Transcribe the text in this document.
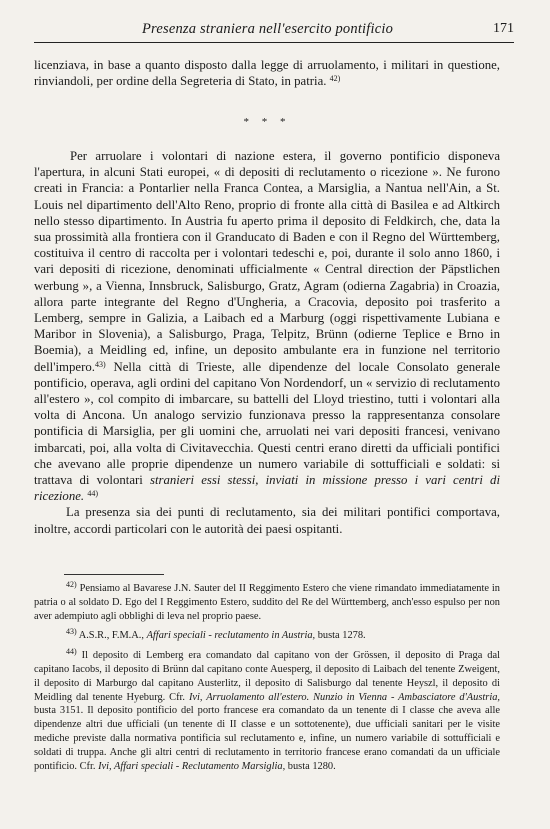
Presenza straniera nell'esercito pontificio	171
licenziava, in base a quanto disposto dalla legge di arruolamento, i militari in questione, rinviandoli, per ordine della Segreteria di Stato, in patria. $^{42)}$
* * *

Per arruolare i volontari di nazione estera, il governo pontificio disponeva l'apertura, in alcuni Stati europei, « di depositi di reclutamento o ricezione ». Ne furono creati in Francia: a Pontarlier nella Franca Contea, a Marsiglia, a Nantua nell'Ain, a St. Louis nel dipartimento dell'Alto Reno, proprio di fronte alla città di Basilea e ad Altkirch nello stesso dipartimento. In Austria fu aperto prima il deposito di Feldkirch, che, data la sua prossimità alla frontiera con il Granducato di Baden e con il Regno del Württemberg, costituiva il centro di raccolta per i volontari tedeschi e, poi, durante il solo anno 1860, i vari depositi di ricezione, denominati ufficialmente « Central direction der Päpstlichen werbung », a Vienna, Innsbruck, Salisburgo, Gratz, Agram (odierna Zagabria) in Croazia, allora parte integrante del Regno d'Ungheria, a Cracovia, deposito poi trasferito a Lemberg, sempre in Galizia, a Laibach ed a Marburg (oggi rispettivamente Lubiana e Maribor in Slovenia), a Salisburgo, Praga, Telpitz, Brünn (odierne Teplice e Brno in Boemia), a Meidling ed, infine, un deposito ambulante era in funzione nel territorio dell'impero.$^{43)}$ Nella città di Trieste, alle dipendenze del locale Consolato generale pontificio, operava, agli ordini del capitano Von Nordendorf, un « servizio di reclutamento all'estero », col compito di imbarcare, su battelli del Lloyd triestino, tutti i volontari alla volta di Ancona. Un analogo servizio funzionava presso la rappresentanza consolare pontificia di Marsiglia, per gli uomini che, arruolati nei vari depositi francesi, venivano imbarcati, poi, alla volta di Civitavecchia. Questi centri erano diretti da ufficiali pontifici che avevano alle proprie dipendenze un numero variabile di sottufficiali e soldati: si trattava di volontari stranieri essi stessi, inviati in missione presso i vari centri di ricezione. $^{44)}$

La presenza sia dei punti di reclutamento, sia dei militari pontifici comportava, inoltre, accordi particolari con le autorità dei paesi ospitanti.

$^{42)}$ Pensiamo al Bavarese J.N. Sauter del II Reggimento Estero che viene rimandato immediatamente in patria o al soldato D. Ego del I Reggimento Estero, suddito del Re del Württemberg, anch'esso espulso per non aver adempiuto agli obblighi di leva nel proprio paese.

$^{43)}$ A.S.R., F.M.A., Affari speciali - reclutamento in Austria, busta 1278.

$^{44)}$ Il deposito di Lemberg era comandato dal capitano von der Grössen, il deposito di Praga dal capitano Iacobs, il deposito di Brünn dal capitano conte Auesperg, il deposito di Laibach del tenente Zweigent, il deposito di Marburgo dal capitano Austerlitz, il deposito di Salisburgo dal tenente Heyszl, il deposito di Meidling dal tenente Hyeburg. Cfr. Ivi, Arruolamento all'estero. Nunzio in Vienna - Ambasciatore d'Austria, busta 3151. Il deposito pontificio del porto francese era comandato da un tenente di I classe che aveva alle dipendenze altri due ufficiali (un tenente di II classe e un sottotenente), due ufficiali sanitari per le visite mediche previste dalla normativa pontificia sul reclutamento e, infine, un numero variabile di sottufficiali e soldati di truppa. Anche gli altri centri di reclutamento in territorio francese erano comandati da un ufficiale pontificio. Cfr. Ivi, Affari speciali - Reclutamento Marsiglia, busta 1280.
